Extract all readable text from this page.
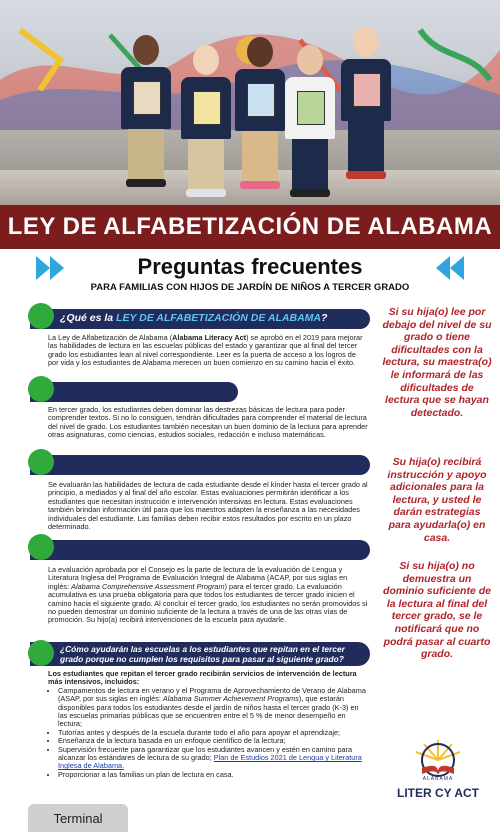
LEY DE ALFABETIZACIÓN DE ALABAMA
Preguntas frecuentes
PARA FAMILIAS CON HIJOS DE JARDÍN DE NIÑOS A TERCER GRADO
¿Qué es la LEY DE ALFABETIZACIÓN DE ALABAMA?
La Ley de Alfabetización de Alabama (Alabama Literacy Act) se aprobó en el 2019 para mejorar las habilidades de lectura en las escuelas públicas del estado y garantizar que al final del tercer grado los estudiantes lean al nivel correspondiente. Leer es la puerta de acceso a los logros de por vida y los estudiantes de Alabama merecen un buen comienzo en su camino hacia el éxito.
En tercer grado, los estudiantes deben dominar las destrezas básicas de lectura para poder comprender textos. Si no lo consiguen, tendrán dificultades para comprender el material de lectura del nivel de grado. Los estudiantes también necesitan un buen dominio de la lectura para aprender otras asignaturas, como ciencias, estudios sociales, redacción e incluso matemáticas.
Se evaluarán las habilidades de lectura de cada estudiante desde el kínder hasta el tercer grado al principio, a mediados y al final del año escolar. Estas evaluaciones permitirán identificar a los estudiantes que necesitan instrucción e intervención intensivas en lectura. Estas evaluaciones también brindan información útil para que los maestros adapten la enseñanza a las necesidades individuales del estudiante. Las familias deben recibir estos resultados por escrito en un plazo determinado.
La evaluación aprobada por el Consejo es la parte de lectura de la evaluación de Lengua y Literatura Inglesa del Programa de Evaluación Integral de Alabama (ACAP, por sus siglas en inglés: Alabama Comprehensive Assessment Program) para el tercer grado. La evaluación acumulativa es una prueba obligatoria para que todos los estudiantes de tercer grado inicien el camino hacia el siguiente grado. Al concluir el tercer grado, los estudiantes no serán promovidos si no pueden demostrar un dominio suficiente de la lectura a través de una de las otras vías de promoción. Su hijo(a) recibirá intervenciones de la escuela para ayudarle.
¿Cómo ayudarán las escuelas a los estudiantes que repitan en el tercer grado porque no cumplen los requisitos para pasar al siguiente grado?
Los estudiantes que repitan el tercer grado recibirán servicios de intervención de lectura más intensivos, incluidos:
• Campamentos de lectura en verano y el Programa de Aprovechamiento de Verano de Alabama (ASAP, por sus siglas en inglés: Alabama Summer Achievement Programs), que estarán disponibles para todos los estudiantes desde el jardín de niños hasta el tercer grado (K-3) en las escuelas primarias públicas que se encuentren entre el 5 % de menor desempeño en lectura;
• Tutorías antes y después de la escuela durante todo el año para apoyar el aprendizaje;
• Enseñanza de la lectura basada en un enfoque científico de la lectura;
• Supervisión frecuente para garantizar que los estudiantes avancen y estén en camino para alcanzar los estándares de lectura de su grado; Plan de Estudios 2021 de Lengua y Literatura Inglesa de Alabama.
• Proporcionar a las familias un plan de lectura en casa.
Si su hija(o) lee por debajo del nivel de su grado o tiene dificultades con la lectura, su maestra(o) le informará de las dificultades de lectura que se hayan detectado.
Su hija(o) recibirá instrucción y apoyo adicionales para la lectura, y usted le darán estrategias para ayudarla(o) en casa.
Si su hija(o) no demuestra un dominio suficiente de la lectura al final del tercer grado, se le notificará que no podrá pasar al cuarto grado.
ALABAMA
LITER CY ACT
Terminal
